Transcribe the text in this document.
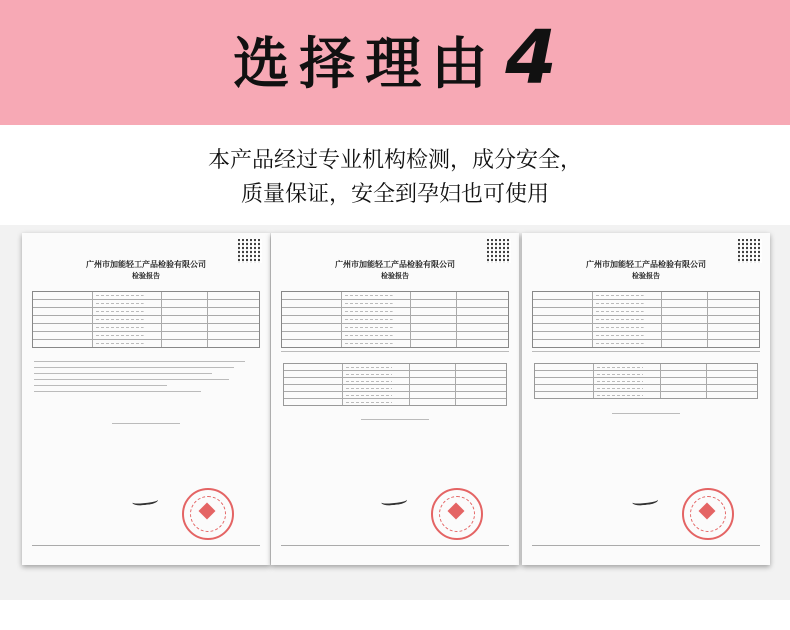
选择理由 4
本产品经过专业机构检测，成分安全，
质量保证，安全到孕妇也可使用
广州市加能轻工产品检验有限公司
检验报告
广州市加能轻工产品检验有限公司
检验报告
广州市加能轻工产品检验有限公司
检验报告
